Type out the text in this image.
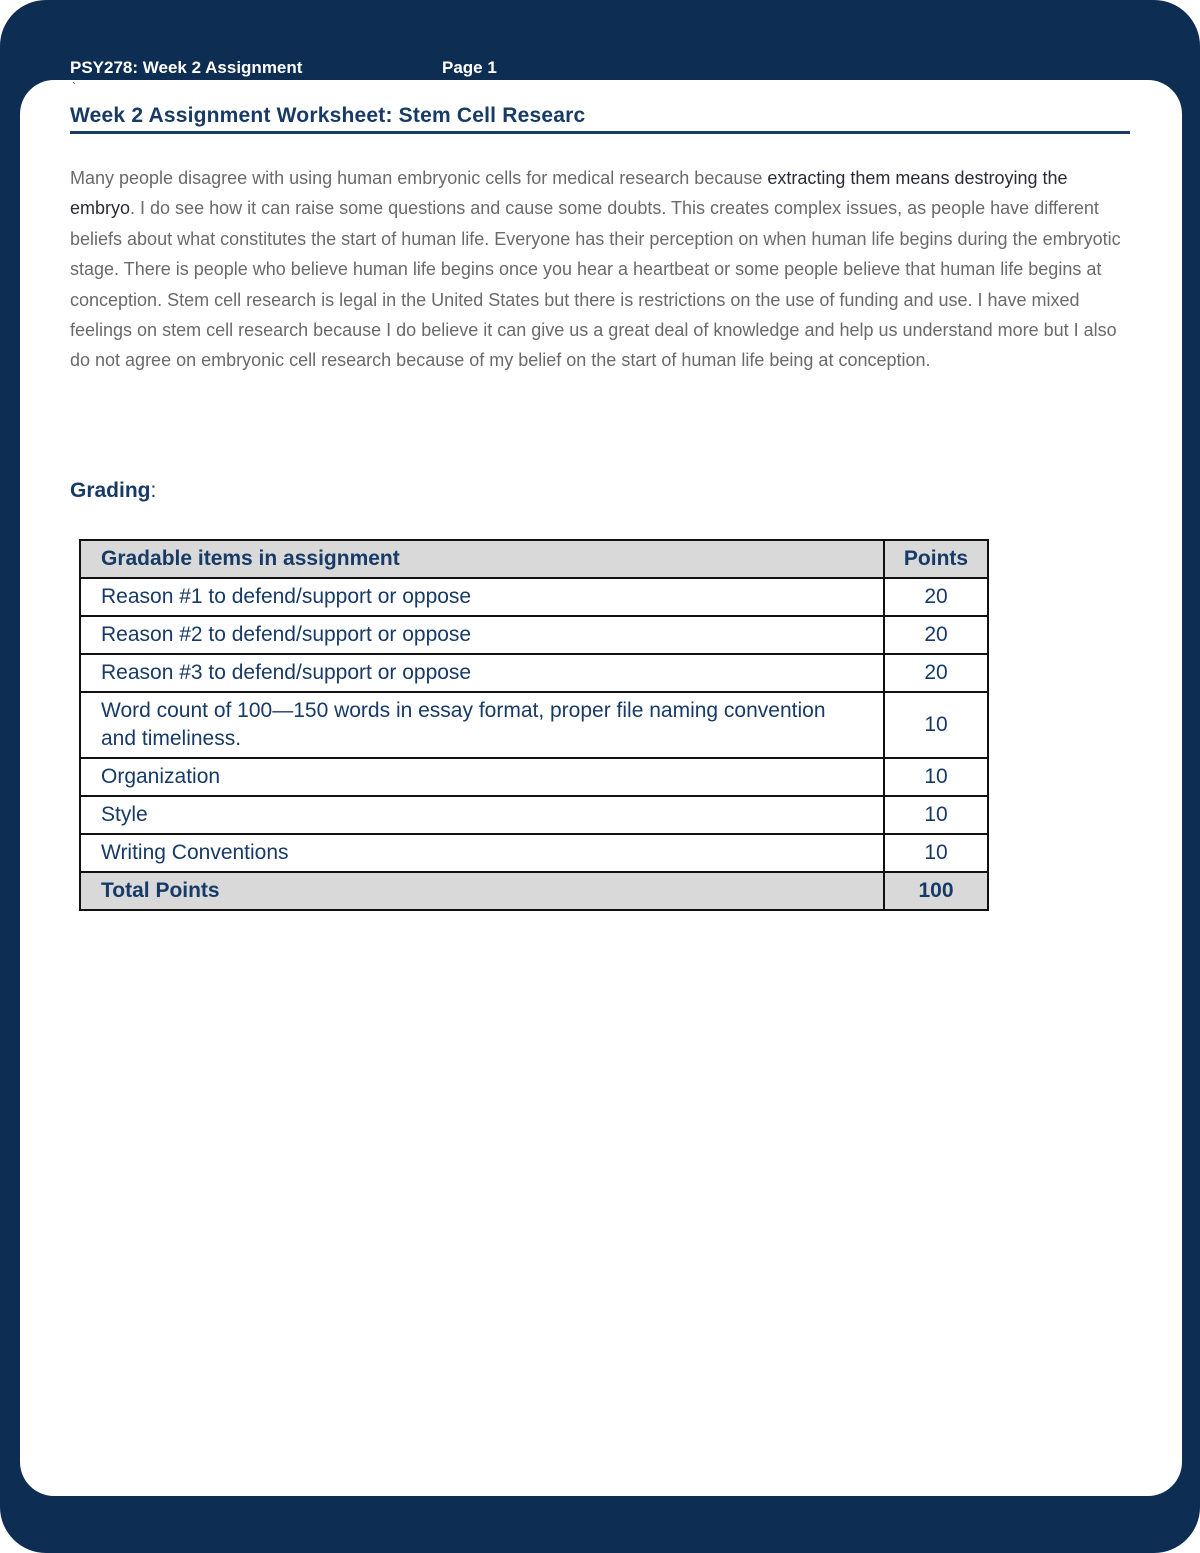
PSY278: Week 2 Assignment	Page 1
`
Week 2 Assignment Worksheet: Stem Cell Researc
Many people disagree with using human embryonic cells for medical research because extracting them means destroying the embryo. I do see how it can raise some questions and cause some doubts. This creates complex issues, as people have different beliefs about what constitutes the start of human life. Everyone has their perception on when human life begins during the embryotic stage. There is people who believe human life begins once you hear a heartbeat or some people believe that human life begins at conception. Stem cell research is legal in the United States but there is restrictions on the use of funding and use. I have mixed feelings on stem cell research because I do believe it can give us a great deal of knowledge and help us understand more but I also do not agree on embryonic cell research because of my belief on the start of human life being at conception.
Grading:
Gradable items in assignment	Points
Reason #1 to defend/support or oppose	20
Reason #2 to defend/support or oppose	20
Reason #3 to defend/support or oppose	20
Word count of 100—150 words in essay format, proper file naming convention and timeliness.	10
Organization	10
Style	10
Writing Conventions	10
Total Points	100
